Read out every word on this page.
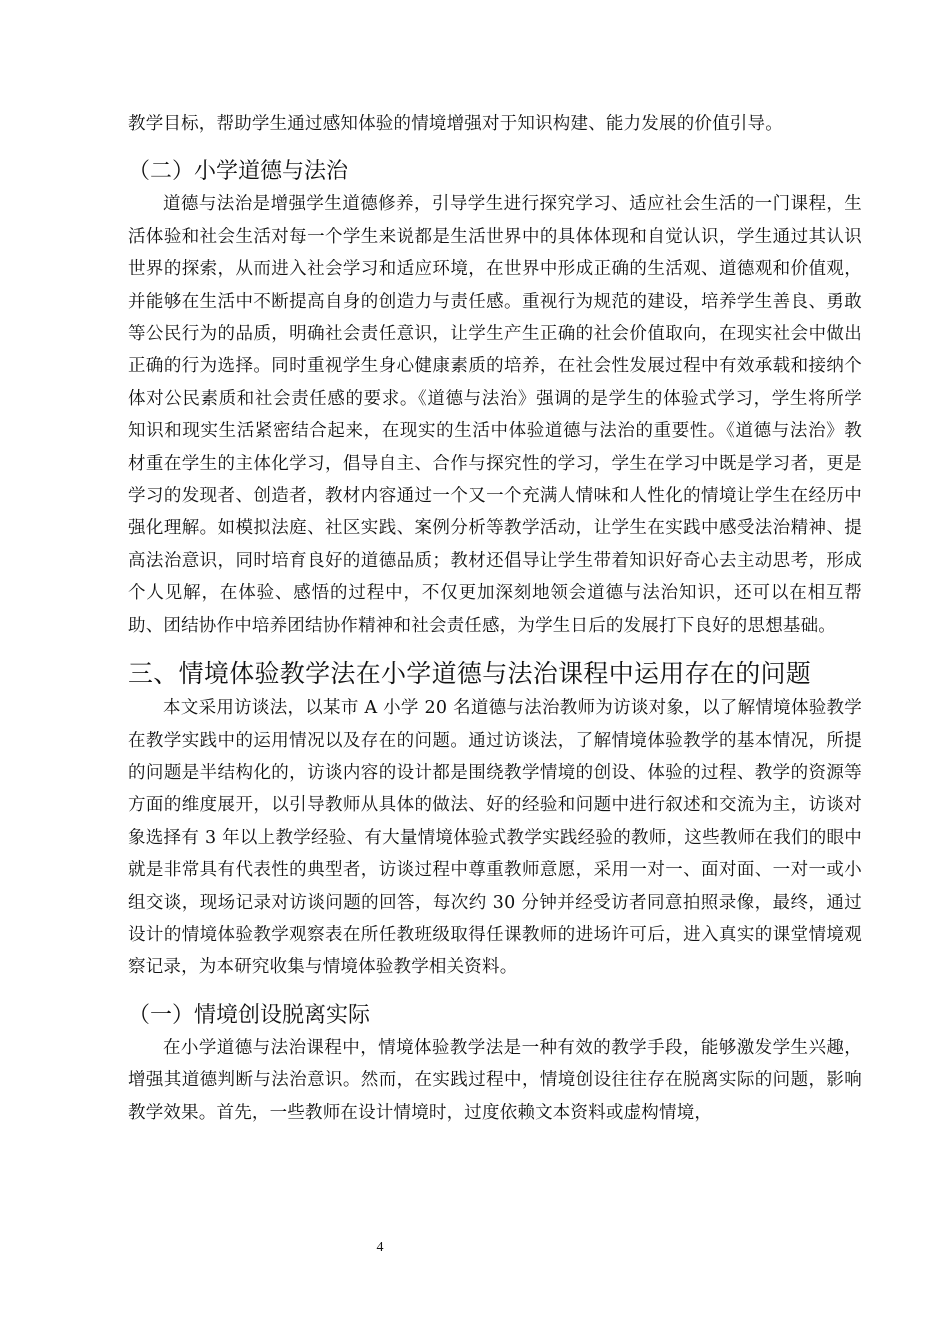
教学目标，帮助学生通过感知体验的情境增强对于知识构建、能力发展的价值引导。

（二）小学道德与法治

道德与法治是增强学生道德修养，引导学生进行探究学习、适应社会生活的一门课程，生活体验和社会生活对每一个学生来说都是生活世界中的具体体现和自觉认识，学生通过其认识世界的探索，从而进入社会学习和适应环境，在世界中形成正确的生活观、道德观和价值观，并能够在生活中不断提高自身的创造力与责任感。重视行为规范的建设，培养学生善良、勇敢等公民行为的品质，明确社会责任意识，让学生产生正确的社会价值取向，在现实社会中做出正确的行为选择。同时重视学生身心健康素质的培养，在社会性发展过程中有效承载和接纳个体对公民素质和社会责任感的要求。《道德与法治》强调的是学生的体验式学习，学生将所学知识和现实生活紧密结合起来，在现实的生活中体验道德与法治的重要性。《道德与法治》教材重在学生的主体化学习，倡导自主、合作与探究性的学习，学生在学习中既是学习者，更是学习的发现者、创造者，教材内容通过一个又一个充满人情味和人性化的情境让学生在经历中强化理解。如模拟法庭、社区实践、案例分析等教学活动，让学生在实践中感受法治精神、提高法治意识，同时培育良好的道德品质；教材还倡导让学生带着知识好奇心去主动思考，形成个人见解，在体验、感悟的过程中，不仅更加深刻地领会道德与法治知识，还可以在相互帮助、团结协作中培养团结协作精神和社会责任感，为学生日后的发展打下良好的思想基础。

三、情境体验教学法在小学道德与法治课程中运用存在的问题

本文采用访谈法，以某市 A 小学 20 名道德与法治教师为访谈对象，以了解情境体验教学在教学实践中的运用情况以及存在的问题。通过访谈法，了解情境体验教学的基本情况，所提的问题是半结构化的，访谈内容的设计都是围绕教学情境的创设、体验的过程、教学的资源等方面的维度展开，以引导教师从具体的做法、好的经验和问题中进行叙述和交流为主，访谈对象选择有 3 年以上教学经验、有大量情境体验式教学实践经验的教师，这些教师在我们的眼中就是非常具有代表性的典型者，访谈过程中尊重教师意愿，采用一对一、面对面、一对一或小组交谈，现场记录对访谈问题的回答，每次约 30 分钟并经受访者同意拍照录像，最终，通过设计的情境体验教学观察表在所任教班级取得任课教师的进场许可后，进入真实的课堂情境观察记录，为本研究收集与情境体验教学相关资料。

（一）情境创设脱离实际

在小学道德与法治课程中，情境体验教学法是一种有效的教学手段，能够激发学生兴趣，增强其道德判断与法治意识。然而，在实践过程中，情境创设往往存在脱离实际的问题，影响教学效果。首先，一些教师在设计情境时，过度依赖文本资料或虚构情境，

4
